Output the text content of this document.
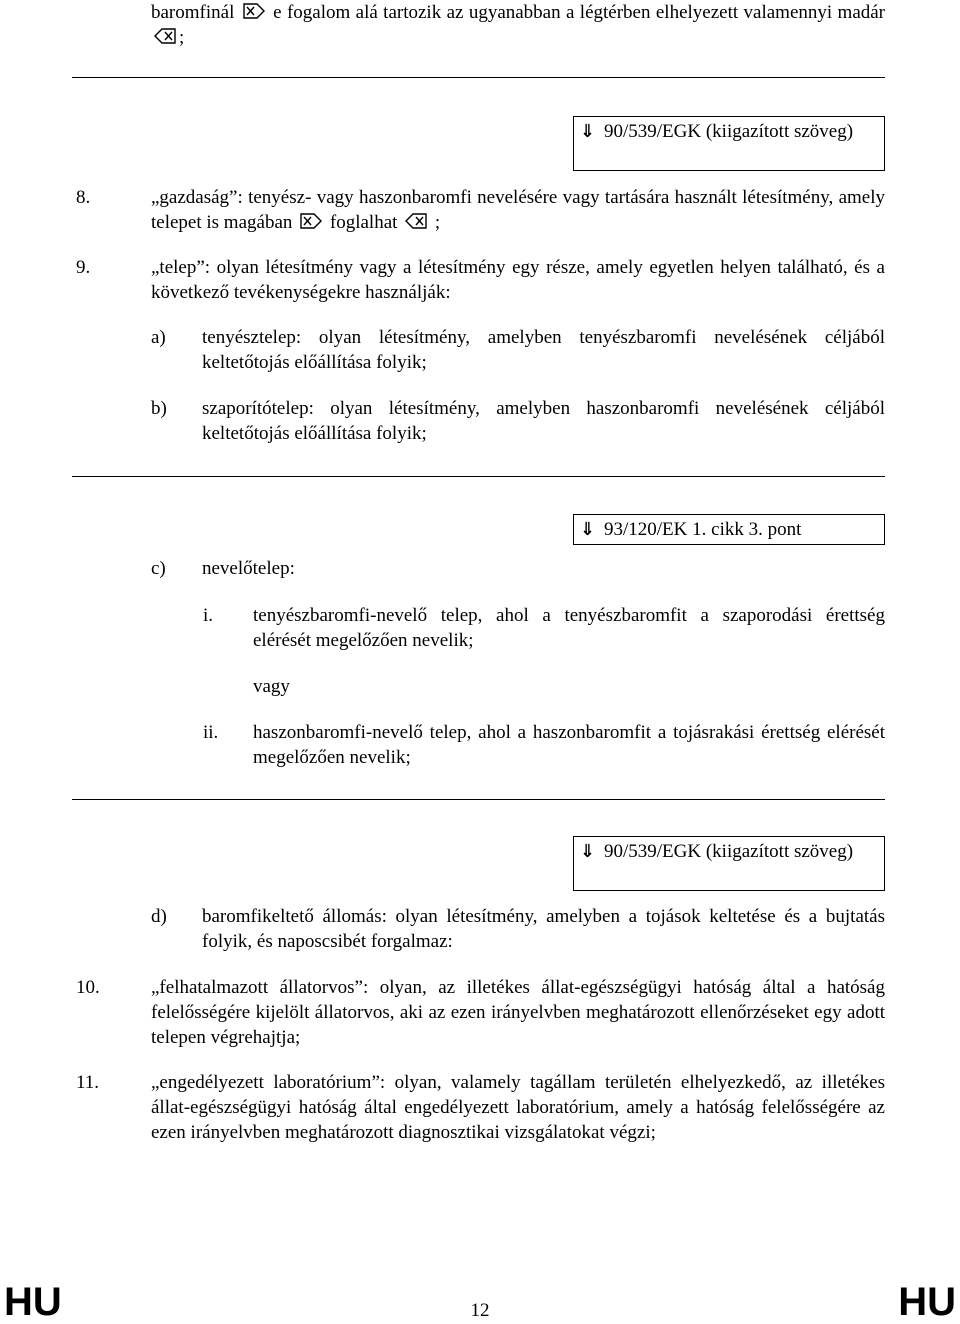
baromfinál e fogalom alá tartozik az ugyanabban a légtérben elhelyezett valamennyi madár ;
⇓ 90/539/EGK (kiigazított szöveg)
8.	„gazdaság”: tenyész- vagy haszonbaromfi nevelésére vagy tartására használt létesítmény, amely telepet is magában foglalhat ;
9.	„telep”: olyan létesítmény vagy a létesítmény egy része, amely egyetlen helyen található, és a következő tevékenységekre használják:
a) tenyésztelep: olyan létesítmény, amelyben tenyészbaromfi nevelésének céljából keltetőtojás előállítása folyik;
b) szaporítótelep: olyan létesítmény, amelyben haszonbaromfi nevelésének céljából keltetőtojás előállítása folyik;
⇓ 93/120/EK 1. cikk 3. pont
c) nevelőtelep:
i. tenyészbaromfi-nevelő telep, ahol a tenyészbaromfit a szaporodási érettség elérését megelőzően nevelik;
vagy
ii. haszonbaromfi-nevelő telep, ahol a haszonbaromfit a tojásrakási érettség elérését megelőzően nevelik;
⇓ 90/539/EGK (kiigazított szöveg)
d) baromfikeltető állomás: olyan létesítmény, amelyben a tojások keltetése és a bujtatás folyik, és naposcsibét forgalmaz:
10.	„felhatalmazott állatorvos”: olyan, az illetékes állat-egészségügyi hatóság által a hatóság felelősségére kijelölt állatorvos, aki az ezen irányelvben meghatározott ellenőrzéseket egy adott telepen végrehajtja;
11.	„engedélyezett laboratórium”: olyan, valamely tagállam területén elhelyezkedő, az illetékes állat-egészségügyi hatóság által engedélyezett laboratórium, amely a hatóság felelősségére az ezen irányelvben meghatározott diagnosztikai vizsgálatokat végzi;
HU	12	HU
